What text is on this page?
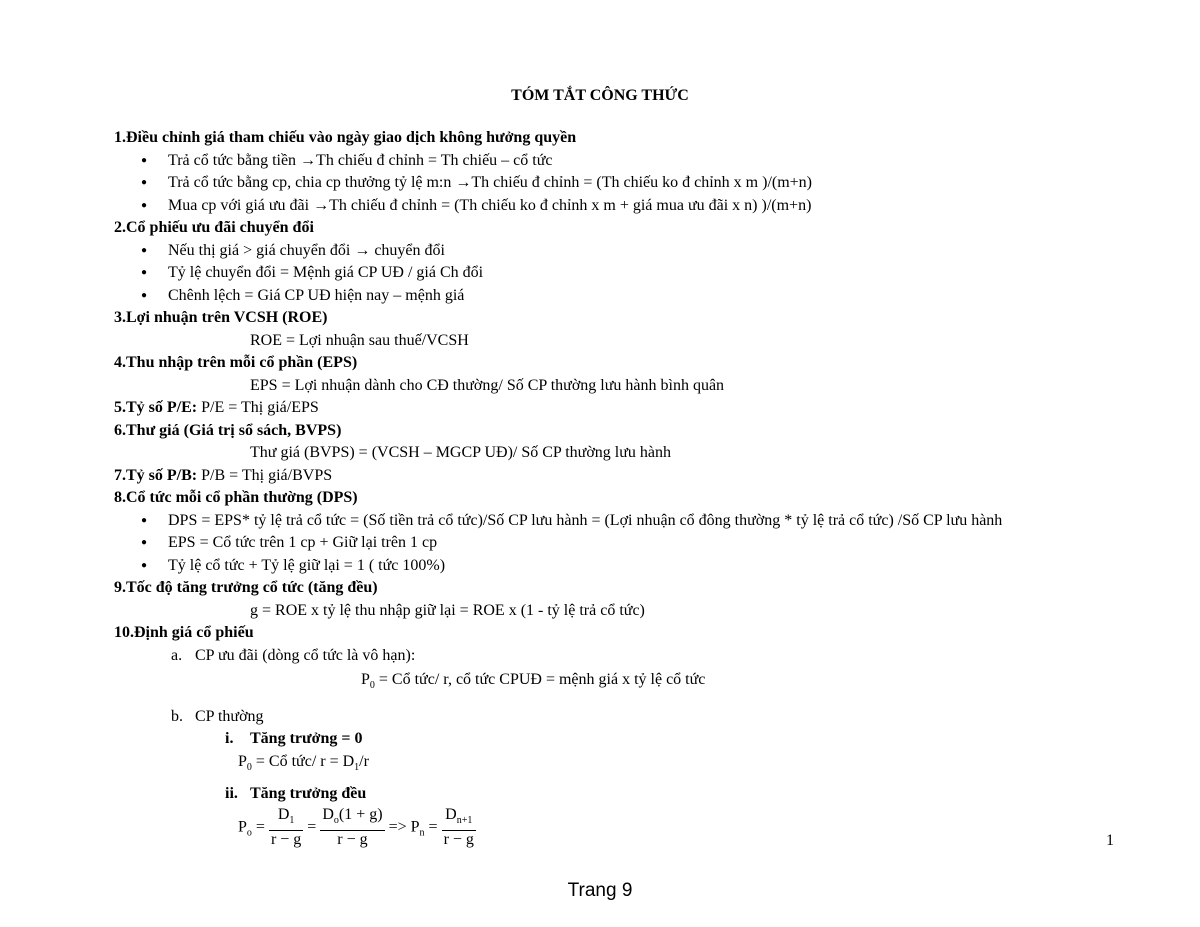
TÓM TẮT CÔNG THỨC
1.Điều chỉnh giá tham chiếu vào ngày giao dịch không hưởng quyền
● Trả cổ tức bằng tiền →Th chiếu đ chỉnh = Th chiếu – cổ tức
● Trả cổ tức bằng cp, chia cp thưởng tỷ lệ m:n →Th chiếu đ chỉnh = (Th chiếu ko đ chỉnh x m )/(m+n)
● Mua cp với giá ưu đãi →Th chiếu đ chỉnh = (Th chiếu ko đ chỉnh x m + giá mua ưu đãi x n) )/(m+n)
2.Cổ phiếu ưu đãi chuyển đổi
● Nếu thị giá > giá chuyển đổi → chuyển đổi
● Tỷ lệ chuyển đổi = Mệnh giá CP UĐ / giá Ch đổi
● Chênh lệch = Giá CP UĐ hiện nay – mệnh giá
3.Lợi nhuận trên VCSH (ROE)
ROE = Lợi nhuận sau thuế/VCSH
4.Thu nhập trên mỗi cổ phần (EPS)
EPS = Lợi nhuận dành cho CĐ thường/ Số CP thường lưu hành bình quân
5.Tỷ số P/E: P/E = Thị giá/EPS
6.Thư giá (Giá trị sổ sách, BVPS)
Thư giá (BVPS) = (VCSH – MGCP UĐ)/ Số CP thường lưu hành
7.Tỷ số P/B: P/B = Thị giá/BVPS
8.Cổ tức mỗi cổ phần thường (DPS)
● DPS = EPS* tỷ lệ trả cổ tức = (Số tiền trả cổ tức)/Số CP lưu hành = (Lợi nhuận cổ đông thường * tỷ lệ trả cổ tức) /Số CP lưu hành
● EPS = Cổ tức trên 1 cp + Giữ lại trên 1 cp
● Tỷ lệ cổ tức + Tỷ lệ giữ lại = 1 ( tức 100%)
9.Tốc độ tăng trưởng cổ tức (tăng đều)
g = ROE x tỷ lệ thu nhập giữ lại = ROE x (1 - tỷ lệ trả cổ tức)
10.Định giá cổ phiếu
a. CP ưu đãi (dòng cổ tức là vô hạn):
$P_0$ = Cổ tức/ r, cổ tức CPUĐ = mệnh giá x tỷ lệ cổ tức
b. CP thường
i. Tăng trưởng = 0
$P_0$ = Cổ tức/ $r = D_1/r$
ii. Tăng trưởng đều
$P_o = \frac{D_1}{r - g} = \frac{D_o(1 + g)}{r - g} => P_n = \frac{D_{n+1}}{r - g}$	1
Trang 9
